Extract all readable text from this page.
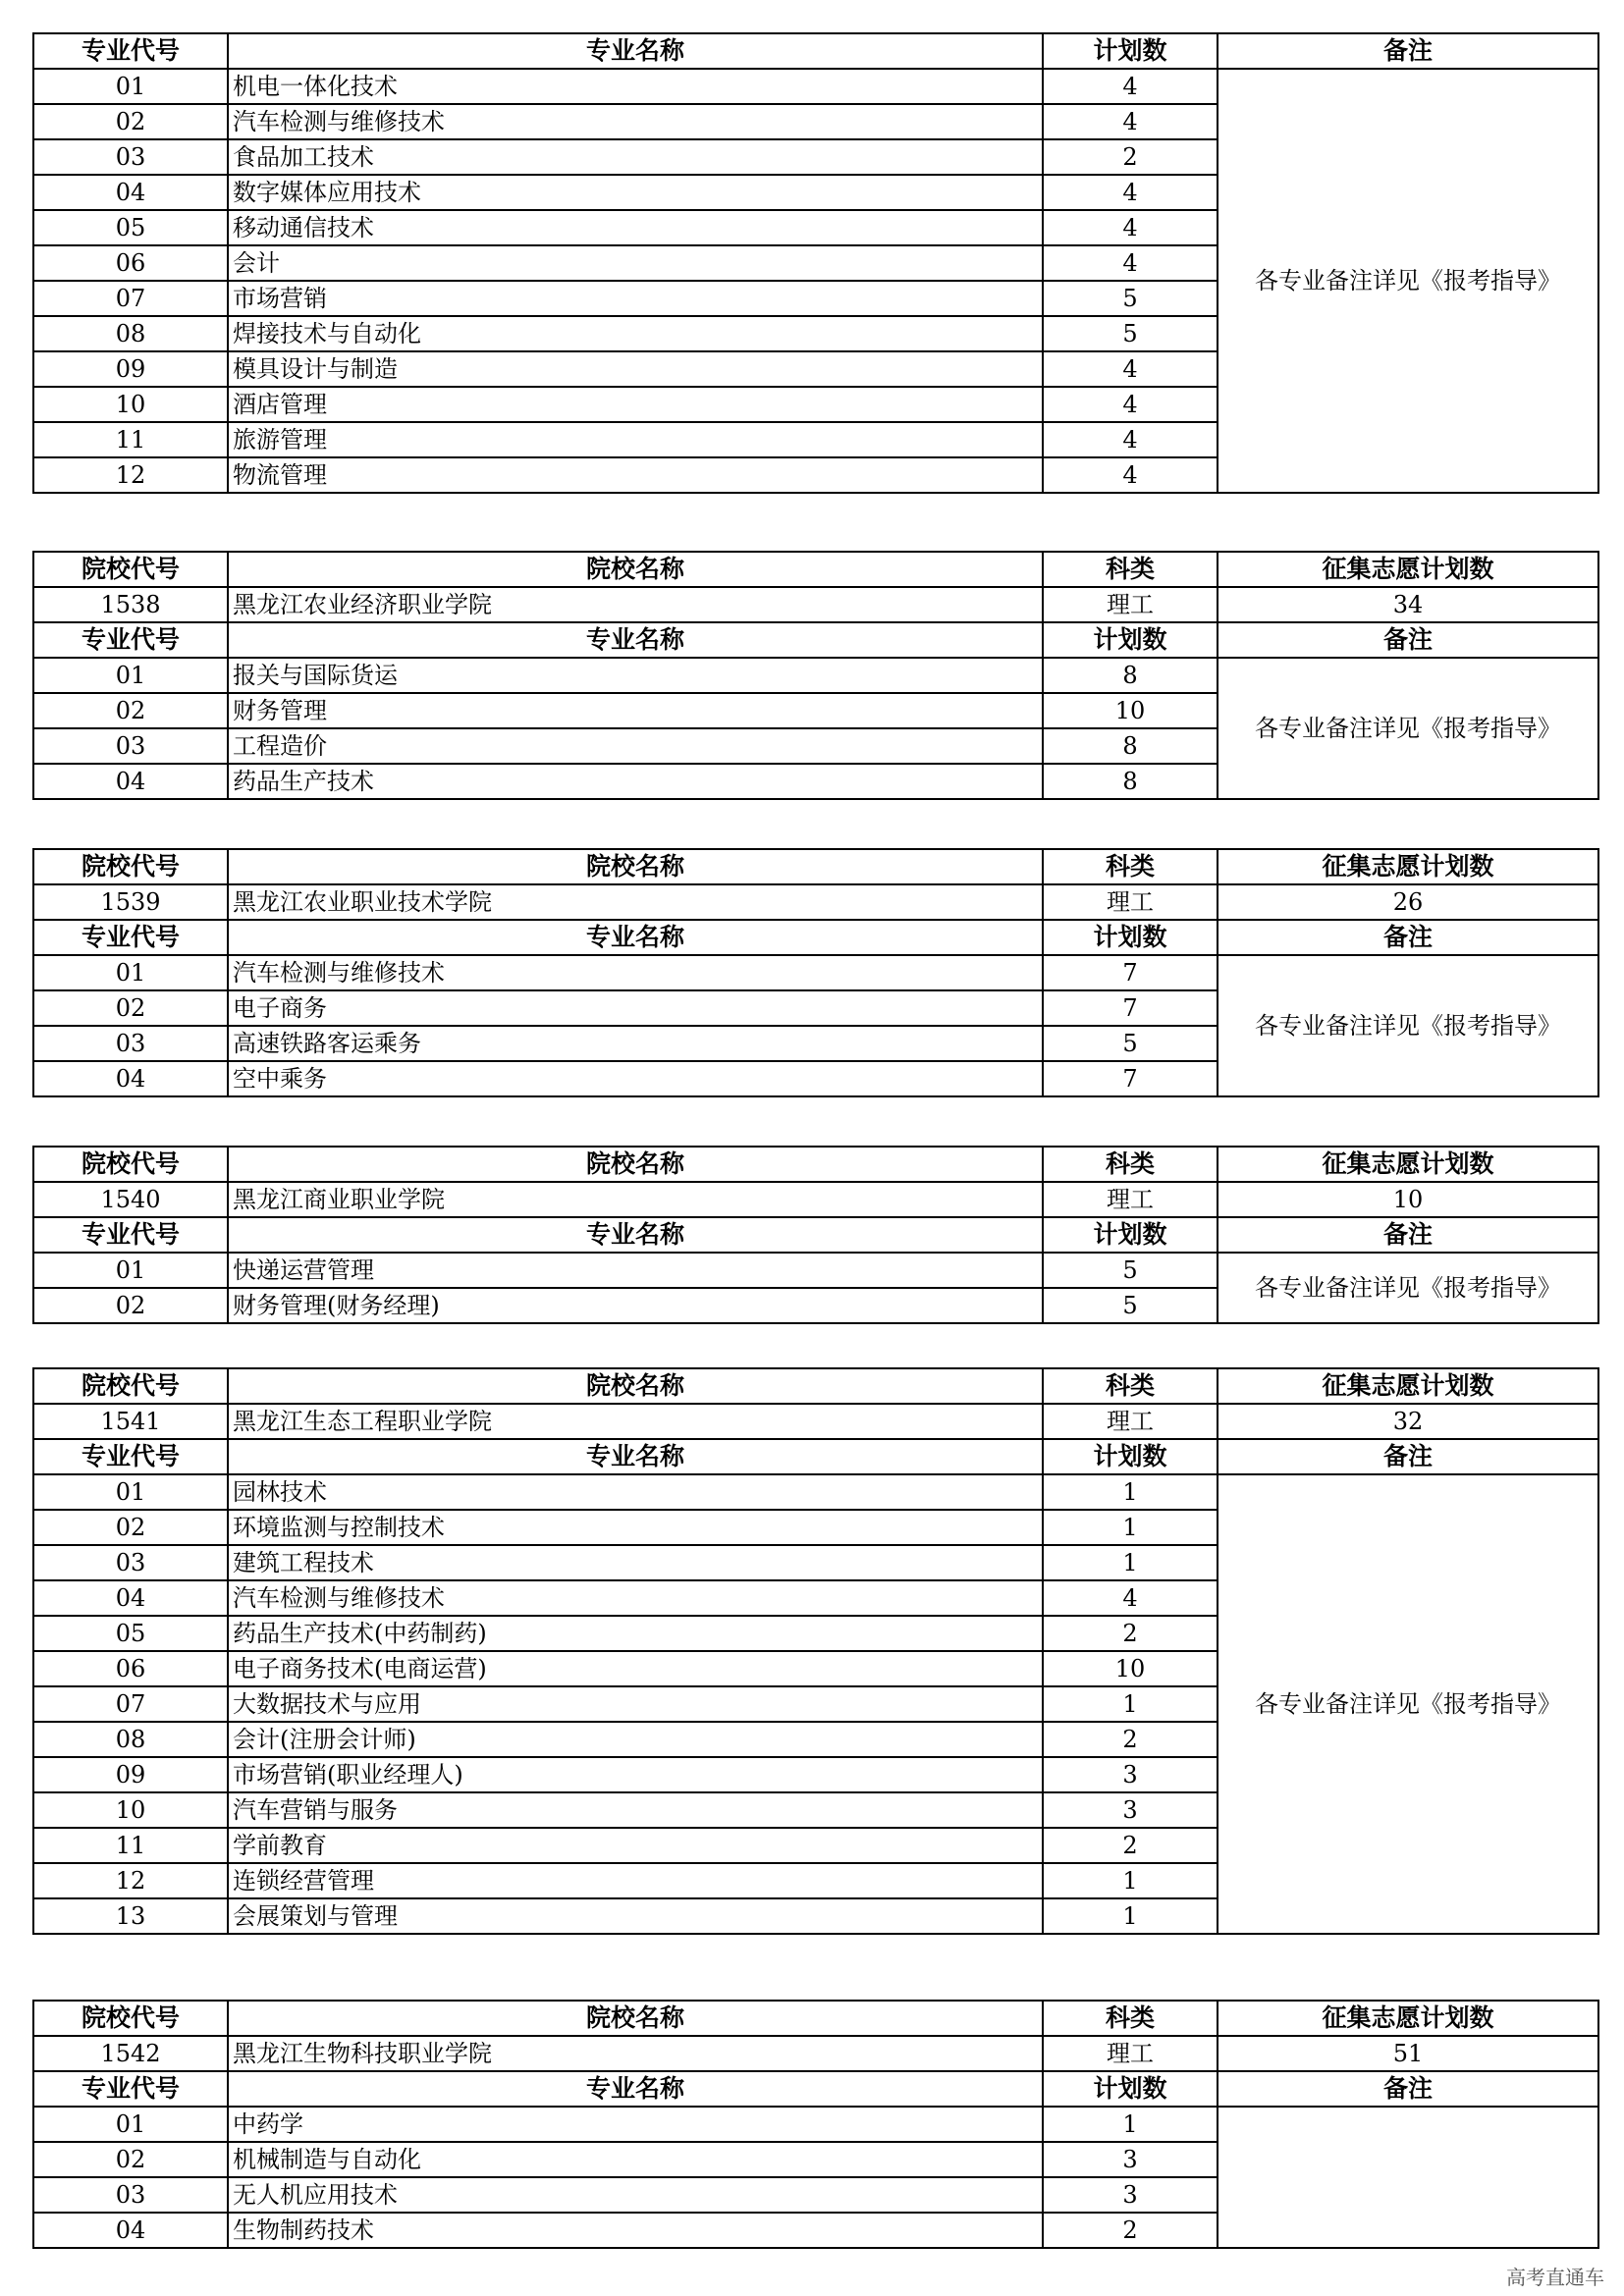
专业代号	专业名称	计划数	备注
01	机电一体化技术	4	各专业备注详见《报考指导》
02	汽车检测与维修技术	4	
03	食品加工技术	2	
04	数字媒体应用技术	4	
05	移动通信技术	4	
06	会计	4	
07	市场营销	5	
08	焊接技术与自动化	5	
09	模具设计与制造	4	
10	酒店管理	4	
11	旅游管理	4	
12	物流管理	4	
院校代号	院校名称	科类	征集志愿计划数
1538	黑龙江农业经济职业学院	理工	34
专业代号	专业名称	计划数	备注
01	报关与国际货运	8	各专业备注详见《报考指导》
02	财务管理	10	
03	工程造价	8	
04	药品生产技术	8	
院校代号	院校名称	科类	征集志愿计划数
1539	黑龙江农业职业技术学院	理工	26
专业代号	专业名称	计划数	备注
01	汽车检测与维修技术	7	各专业备注详见《报考指导》
02	电子商务	7	
03	高速铁路客运乘务	5	
04	空中乘务	7	
院校代号	院校名称	科类	征集志愿计划数
1540	黑龙江商业职业学院	理工	10
专业代号	专业名称	计划数	备注
01	快递运营管理	5	各专业备注详见《报考指导》
02	财务管理(财务经理)	5	
院校代号	院校名称	科类	征集志愿计划数
1541	黑龙江生态工程职业学院	理工	32
专业代号	专业名称	计划数	备注
01	园林技术	1	各专业备注详见《报考指导》
02	环境监测与控制技术	1	
03	建筑工程技术	1	
04	汽车检测与维修技术	4	
05	药品生产技术(中药制药)	2	
06	电子商务技术(电商运营)	10	
07	大数据技术与应用	1	
08	会计(注册会计师)	2	
09	市场营销(职业经理人)	3	
10	汽车营销与服务	3	
11	学前教育	2	
12	连锁经营管理	1	
13	会展策划与管理	1	
院校代号	院校名称	科类	征集志愿计划数
1542	黑龙江生物科技职业学院	理工	51
专业代号	专业名称	计划数	备注
01	中药学	1	
02	机械制造与自动化	3	
03	无人机应用技术	3	
04	生物制药技术	2	
高考直通车
